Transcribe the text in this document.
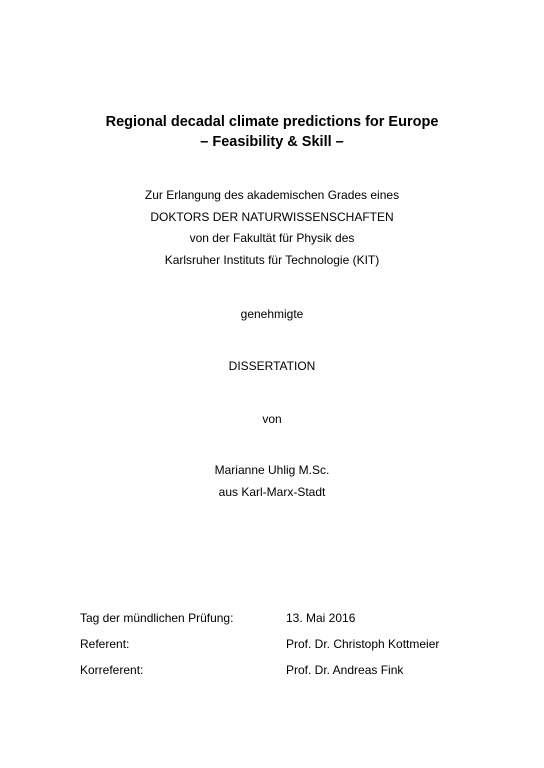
Regional decadal climate predictions for Europe
– Feasibility & Skill –
Zur Erlangung des akademischen Grades eines
DOKTORS DER NATURWISSENSCHAFTEN
von der Fakultät für Physik des
Karlsruher Instituts für Technologie (KIT)
genehmigte
DISSERTATION
von
Marianne Uhlig M.Sc.
aus Karl-Marx-Stadt
Tag der mündlichen Prüfung:	13. Mai 2016
Referent:	Prof. Dr. Christoph Kottmeier
Korreferent:	Prof. Dr. Andreas Fink
